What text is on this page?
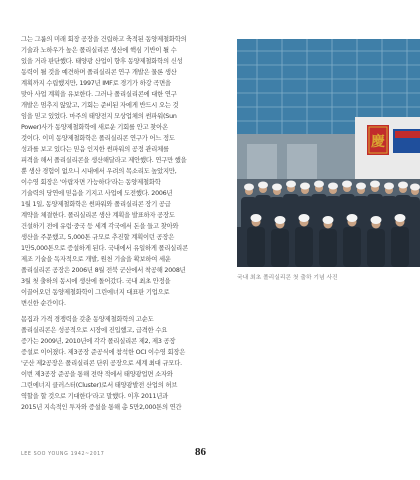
그는 그룹의 미래 회장 공장을 건립하고 축적된 동양제철화학의
기술과 노하우가 높은 폴리실리콘 생산에 핵심 기반이 될 수
있을 거라 판단했다. 태양광 산업이 향후 동양제철화학의 신성
동력이 될 것을 예견하며 폴리실리콘 연구 개발은 물론 생산
계획까지 수립했지만, 1997년 IMF로 경기가 하강 곡면을
맞아 사업 계획을 유보한다. 그러나 폴리실리콘에 대한 연구
개발은 멈추지 않았고, 기회는 준비된 자에게 반드시 오는 것
임을 믿고 있었다. 마주의 태양전지 모상업체의 썬파워(Sun
Power)사가 동양제철화학에 새로운 기회를 안고 찾아온
것이다. 이미 동양제철화학은 폴리실리콘 연구가 어느 정도
성과를 보고 있다는 믿음 인지한 썬파워의 공정 관리체를
피격을 해서 폴리실리콘을 생산해달라고 제안했다. 연구만 했을
뿐 생산 경험이 없으니 시내에서 우려의 목소리도 높았지만,
이수영 회장은 '아랍자면 가능하다'라는 동양제철화학
기술력의 당연에 믿음을 기지고 사업에 도전했다. 2006년
1월 1일, 동양제철화학은 썬파워와 폴리실리콘 장기 공급
계약을 체결한다. 폴리실리콘 생산 계획을 발표하자 공장도
건설하기 전에 유럽·중국 등 세계 각국에서 돈을 들고 찾아와
생산을 주문했고, 5,000톤 규모로 추진할 계획이던 공장은
1만5,000톤으로 증설하게 된다. 국내에서 유일하게 폴리실리콘
제조 기술을 독자적으로 개발, 원천 기술을 확보하여 세운
폴리실리콘 공장은 2006년 8월 전북 군산에서 착공해 2008년
3월 첫 출하의 동시에 생산에 돌어갔다. 국내 최초 안정을
이끌어오던 동양제철화학이 그린에너지 대표판 기업으로
변신한 순간이다.
몸집과 가격 경쟁력을 갖춘 동양제철화학의 고순도
폴리실리콘은 성공적으로 시장에 진입했고, 급격한 수요
증가는 2009년, 2010년에 각각 폴리실리콘 제2, 제3 공장
증설로 이어졌다. 제3공장 준공식에 참석한 OCI 이수영 회장은
'군산 제2공장은 폴리실리콘 단위 공장으로 세계 최대 규모다.
이번 제3공장 준공을 통해 전략 적에서 태양광업면 소자와
그린에너지 클러스터(Cluster)로서 태양광발전 산업의 허브
역할을 할 것으로 기대한다'라고 말했다. 이후 2011년과
2015년 지속적인 투자와 증설을 통해 총 5만2,000톤의 연간
慶
국내 최초 폴리실리콘 첫 출하 기념 사진
LEE SOO YOUNG 1942~2017	86
